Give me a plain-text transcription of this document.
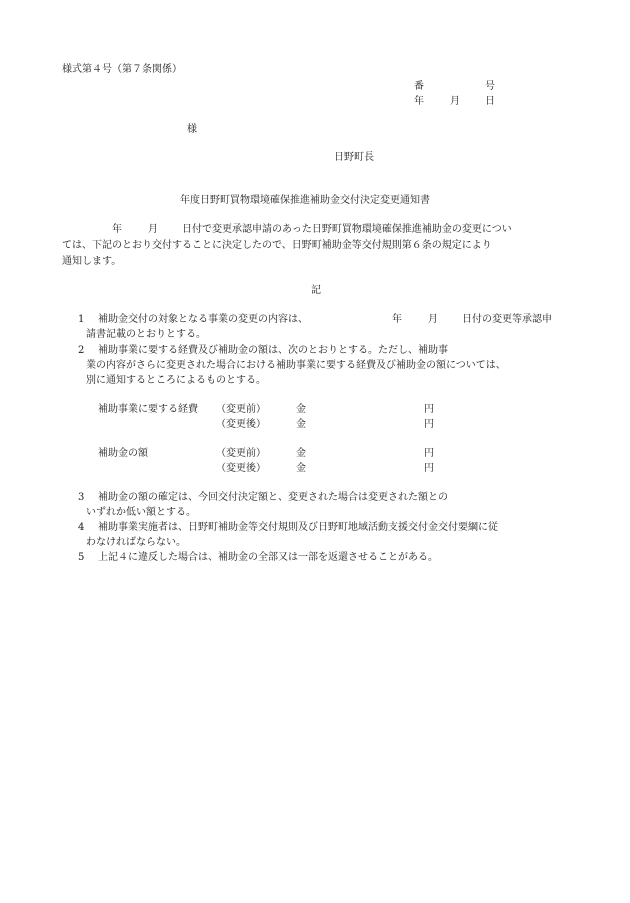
様式第４号（第７条関係）
番	号
年	月	日
様
日野町長
年度日野町買物環境確保推進補助金交付決定変更通知書
年	月 日付で変更承認申請のあった日野町買物環境確保推進補助金の変更につい
ては、下記のとおり交付することに決定したので、日野町補助金等交付規則第６条の規定により
通知します。
記
1 補助金交付の対象となる事業の変更の内容は、	年	月 日付の変更等承認申
請書記載のとおりとする。
2 補助事業に要する経費及び補助金の額は、次のとおりとする。ただし、補助事
業の内容がさらに変更された場合における補助事業に要する経費及び補助金の額については、
別に通知するところによるものとする。
補助事業に要する経費 （変更前）	金	円
（変更後）	金	円
補助金の額	（変更前）	金	円
（変更後）	金	円
3 補助金の額の確定は、今回交付決定額と、変更された場合は変更された額との
いずれか低い額とする。
4 補助事業実施者は、日野町補助金等交付規則及び日野町地域活動支援交付金交付要綱に従
わなければならない。
5 上記４に違反した場合は、補助金の全部又は一部を返還させることがある。
